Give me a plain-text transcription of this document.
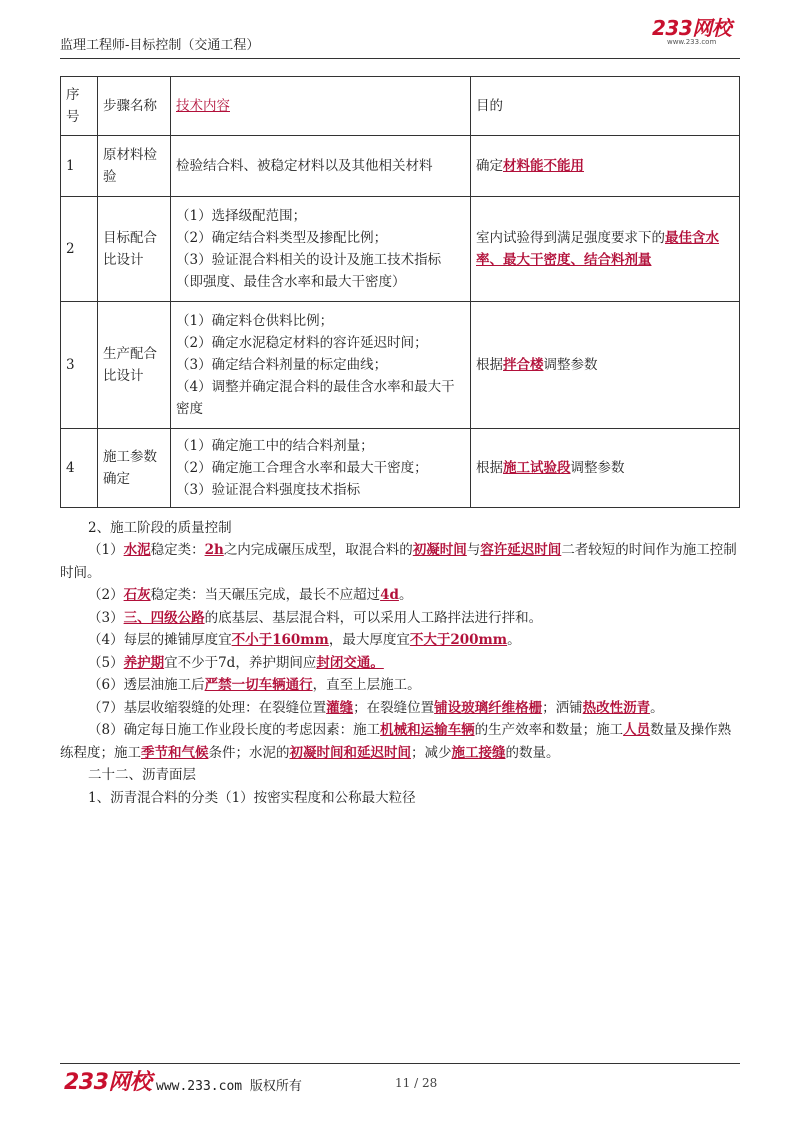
监理工程师-目标控制（交通工程）
233网校
www.233.com
序号	步骤名称	技术内容	目的
1	原材料检验	检验结合料、被稳定材料以及其他相关材料	确定材料能不能用
2	目标配合比设计	（1）选择级配范围；
（2）确定结合料类型及掺配比例；
（3）验证混合料相关的设计及施工技术指标（即强度、最佳含水率和最大干密度）	室内试验得到满足强度要求下的最佳含水率、最大干密度、结合料剂量
3	生产配合比设计	（1）确定料仓供料比例；
（2）确定水泥稳定材料的容许延迟时间；
（3）确定结合料剂量的标定曲线；
（4）调整并确定混合料的最佳含水率和最大干密度	根据拌合楼调整参数
4	施工参数确定	（1）确定施工中的结合料剂量；
（2）确定施工合理含水率和最大干密度；
（3）验证混合料强度技术指标	根据施工试验段调整参数
2、施工阶段的质量控制

（1）水泥稳定类：2h之内完成碾压成型，取混合料的初凝时间与容许延迟时间二者较短的时间作为施工控制时间。

（2）石灰稳定类：当天碾压完成，最长不应超过4d。

（3）三、四级公路的底基层、基层混合料，可以采用人工路拌法进行拌和。

（4）每层的摊铺厚度宜不小于160mm，最大厚度宜不大于200mm。

（5）养护期宜不少于7d，养护期间应封闭交通。

（6）透层油施工后严禁一切车辆通行，直至上层施工。

（7）基层收缩裂缝的处理：在裂缝位置灌缝；在裂缝位置铺设玻璃纤维格栅；洒铺热改性沥青。

（8）确定每日施工作业段长度的考虑因素：施工机械和运输车辆的生产效率和数量；施工人员数量及操作熟练程度；施工季节和气候条件；水泥的初凝时间和延迟时间；减少施工接缝的数量。

二十二、沥青面层

1、沥青混合料的分类（1）按密实程度和公称最大粒径

233网校 www.233.com 版权所有	11 / 28
